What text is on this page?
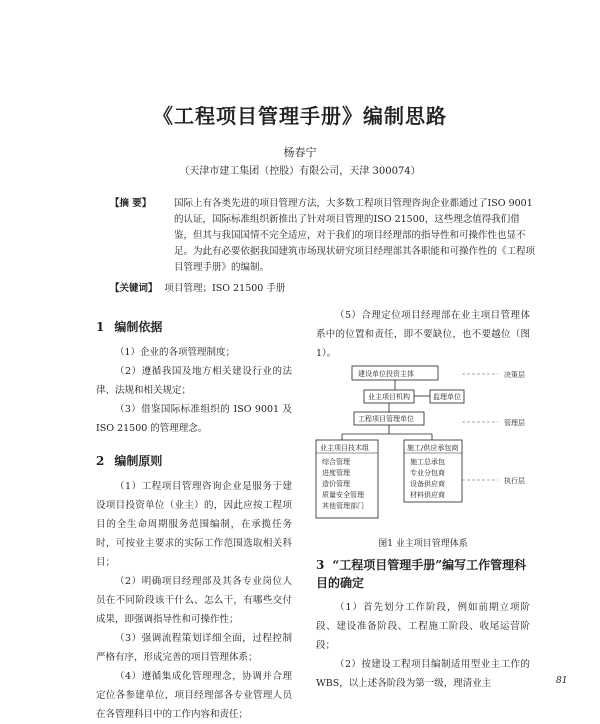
《工程项目管理手册》编制思路
杨春宁
（天津市建工集团（控股）有限公司，天津 300074）
【摘 要】 国际上有各类先进的项目管理方法，大多数工程项目管理咨询企业都通过了ISO 9001的认证，国际标准组织新推出了针对项目管理的ISO 21500，这些理念值得我们借鉴，但其与我国国情不完全适应，对于我们的项目经理部的指导性和可操作性也显不足。为此有必要依据我国建筑市场现状研究项目经理部其各职能和可操作性的《工程项目管理手册》的编制。
【关键词】 项目管理；ISO 21500 手册
1 编制依据

（1）企业的各项管理制度；

（2）遵循我国及地方相关建设行业的法律、法规和相关规定；

（3）借鉴国际标准组织的 ISO 9001 及 ISO 21500 的管理理念。

2 编制原则

（1）工程项目管理咨询企业是服务于建设项目投资单位（业主）的，因此应按工程项目的全生命周期服务范围编制，在承揽任务时，可按业主要求的实际工作范围选取相关科目；

（2）明确项目经理部及其各专业岗位人员在不同阶段该干什么、怎么干，有哪些交付成果，即强调指导性和可操作性；

（3）强调流程策划详细全面，过程控制严格有序，形成完善的项目管理体系；

（4）遵循集成化管理理念，协调并合理定位各参建单位，项目经理部各专业管理人员在各管理科目中的工作内容和责任；

（5）合理定位项目经理部在业主项目管理体系中的位置和责任，即不要缺位，也不要越位（图1）。

决策层
管理层
执行层
建设单位投资主体
业主项目机构	监理单位
工程项目管理单位
业主项目技术组
综合管理
进度管理
造价管理
质量安全管理
其他管理部门
施工/供应承包商
施工总承包
专业分包商
设备供应商
材料供应商
图1 业主项目管理体系
3 “工程项目管理手册”编写工作管理科目的确定

（1）首先划分工作阶段，例如前期立项阶段、建设准备阶段、工程施工阶段、收尾运营阶段；

（2）按建设工程项目编制适用型业主工作的 WBS，以上述各阶段为第一级，理清业主	81
